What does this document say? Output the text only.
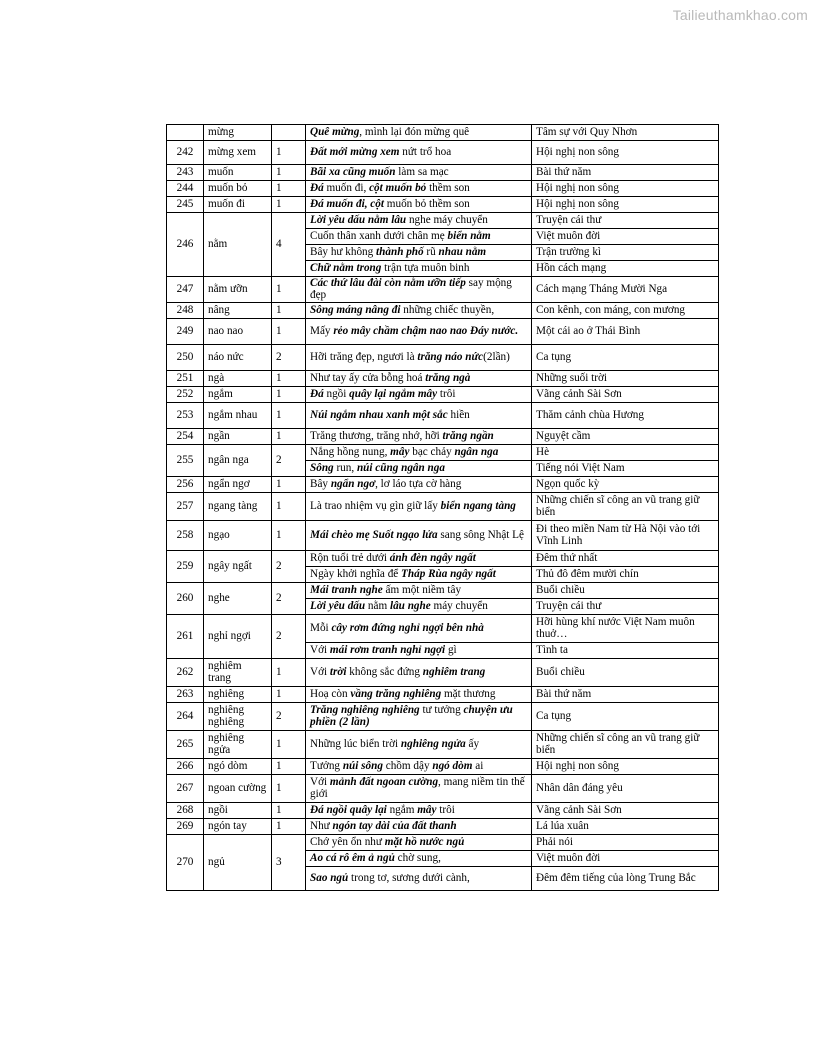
Tailieuthamkhao.com
	mừng		Quê mừng, mình lại đón mừng quê	Tâm sự với Quy Nhơn
242	mừng xem	1	Đất mới mừng xem nứt trổ hoa	Hội nghị non sông
243	muốn	1	Bãi xa cũng muốn làm sa mạc	Bài thứ năm
244	muốn bỏ	1	Đá muốn đi, cột muốn bỏ thềm son	Hội nghị non sông
245	muốn đi	1	Đá muốn đi, cột muốn bỏ thềm son	Hội nghị non sông
246	nằm	4	Lời yêu dấu nằm lâu nghe máy chuyển	Truyện cái thư
			Cuốn thân xanh dưới chân mẹ biển nằm	Việt muôn đời
			Bây hư không thành phố rũ nhau nằm	Trận trường kì
			Chữ nằm trong trận tựa muôn binh	Hồn cách mạng
247	nằm ưỡn	1	Các thứ lâu đài còn nằm ưỡn tiếp say mộng đẹp	Cách mạng Tháng Mười Nga
248	nâng	1	Sông máng nâng đi những chiếc thuyền,	Con kênh, con máng, con mương
249	nao nao	1	Mấy rẻo mây chầm chậm nao nao Đáy nước.	Một cái ao ở Thái Bình
250	náo nức	2	Hỡi trăng đẹp, ngươi là trăng náo nức(2lần)	Ca tụng
251	ngà	1	Như tay ấy cửa bỗng hoá trăng ngà	Những suối trời
252	ngắm	1	Đá ngồi quây lại ngắm mây trôi	Vãng cảnh Sài Sơn
253	ngắm nhau	1	Núi ngắm nhau xanh một sắc hiền	Thăm cảnh chùa Hương
254	ngần	1	Trăng thương, trăng nhớ, hỡi trăng ngần	Nguyệt cầm
255	ngân nga	2	Nắng hồng nung, mây bạc chảy ngân nga	Hè
			Sông run, núi cũng ngân nga	Tiếng nói Việt Nam
256	ngẩn ngơ	1	Bây ngẩn ngơ, lơ láo tựa cờ hàng	Ngọn quốc kỳ
257	ngang tàng	1	Là trao nhiệm vụ gìn giữ lấy biển ngang tàng	Những chiến sĩ công an vũ trang giữ biển
258	ngạo	1	Mái chèo mẹ Suốt ngạo lửa sang sông Nhật Lệ	Đi theo miền Nam từ Hà Nội vào tới Vĩnh Linh
259	ngây ngất	2	Rộn tuổi trẻ dưới ánh đèn ngây ngất	Đêm thứ nhất
			Ngày khởi nghĩa để Tháp Rùa ngây ngất	Thủ đô đêm mười chín
260	nghe	2	Mái tranh nghe ấm một niềm tây	Buổi chiều
			Lời yêu dấu nằm lâu nghe máy chuyển	Truyện cái thư
261	nghỉ ngợi	2	Mỗi cây rơm đứng nghỉ ngợi bên nhà	Hỡi hùng khí nước Việt Nam muôn thuở…
			Với mái rơm tranh nghỉ ngợi gì	Tình ta
262	nghiêm trang	1	Với trời không sắc đứng nghiêm trang	Buổi chiều
263	nghiêng	1	Hoạ còn vầng trăng nghiêng mặt thương	Bài thứ năm
264	nghiêng nghiêng	2	Trăng nghiêng nghiêng tư tưởng chuyện ưu phiền (2 lần)	Ca tụng
265	nghiêng ngửa	1	Những lúc biển trời nghiêng ngửa ấy	Những chiến sĩ công an vũ trang giữ biển
266	ngó dòm	1	Tưởng núi sông chồm dậy ngó dòm ai	Hội nghị non sông
267	ngoan cường	1	Với mảnh đất ngoan cường, mang niềm tin thế giới	Nhân dân đáng yêu
268	ngồi	1	Đá ngồi quây lại ngắm mây trôi	Vãng cảnh Sài Sơn
269	ngón tay	1	Như ngón tay dài của đất thanh	Lá lúa xuân
270	ngủ	3	Chớ yên ổn như mặt hồ nước ngủ	Phải nói
			Ao cá rô êm ả ngủ chờ sung,	Việt muôn đời
			Sao ngủ trong tơ, sương dưới cành,	Đêm đêm tiếng của lòng Trung Bắc
